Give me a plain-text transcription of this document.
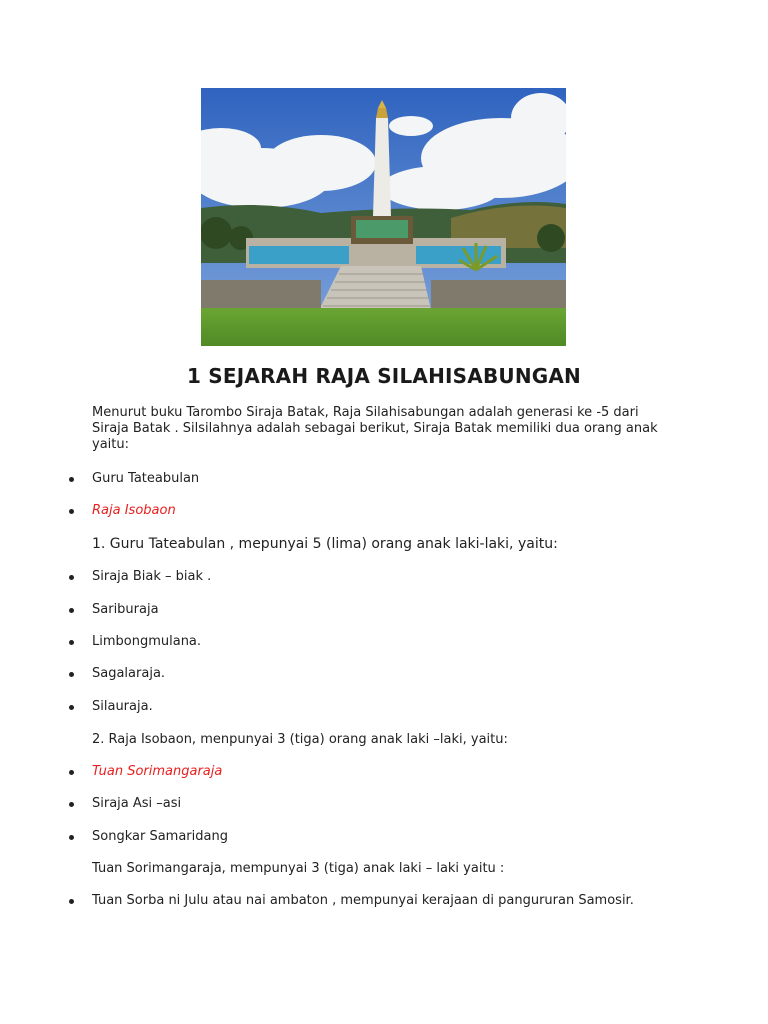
1 SEJARAH RAJA SILAHISABUNGAN

Menurut buku Tarombo Siraja Batak, Raja Silahisabungan adalah generasi ke -5 dari Siraja Batak . Silsilahnya adalah sebagai berikut, Siraja Batak memiliki dua orang anak yaitu:

Guru Tateabulan
Raja Isobaon
1. Guru Tateabulan , mepunyai 5 (lima) orang anak laki-laki, yaitu:
Siraja Biak – biak .
Sariburaja
Limbongmulana.
Sagalaraja.
Silauraja.
2. Raja Isobaon, menpunyai 3 (tiga) orang anak laki –laki, yaitu:
Tuan Sorimangaraja
Siraja Asi –asi
Songkar Samaridang
Tuan Sorimangaraja, mempunyai 3 (tiga) anak laki – laki yaitu :
Tuan Sorba ni Julu atau nai ambaton , mempunyai kerajaan di pangururan Samosir.
